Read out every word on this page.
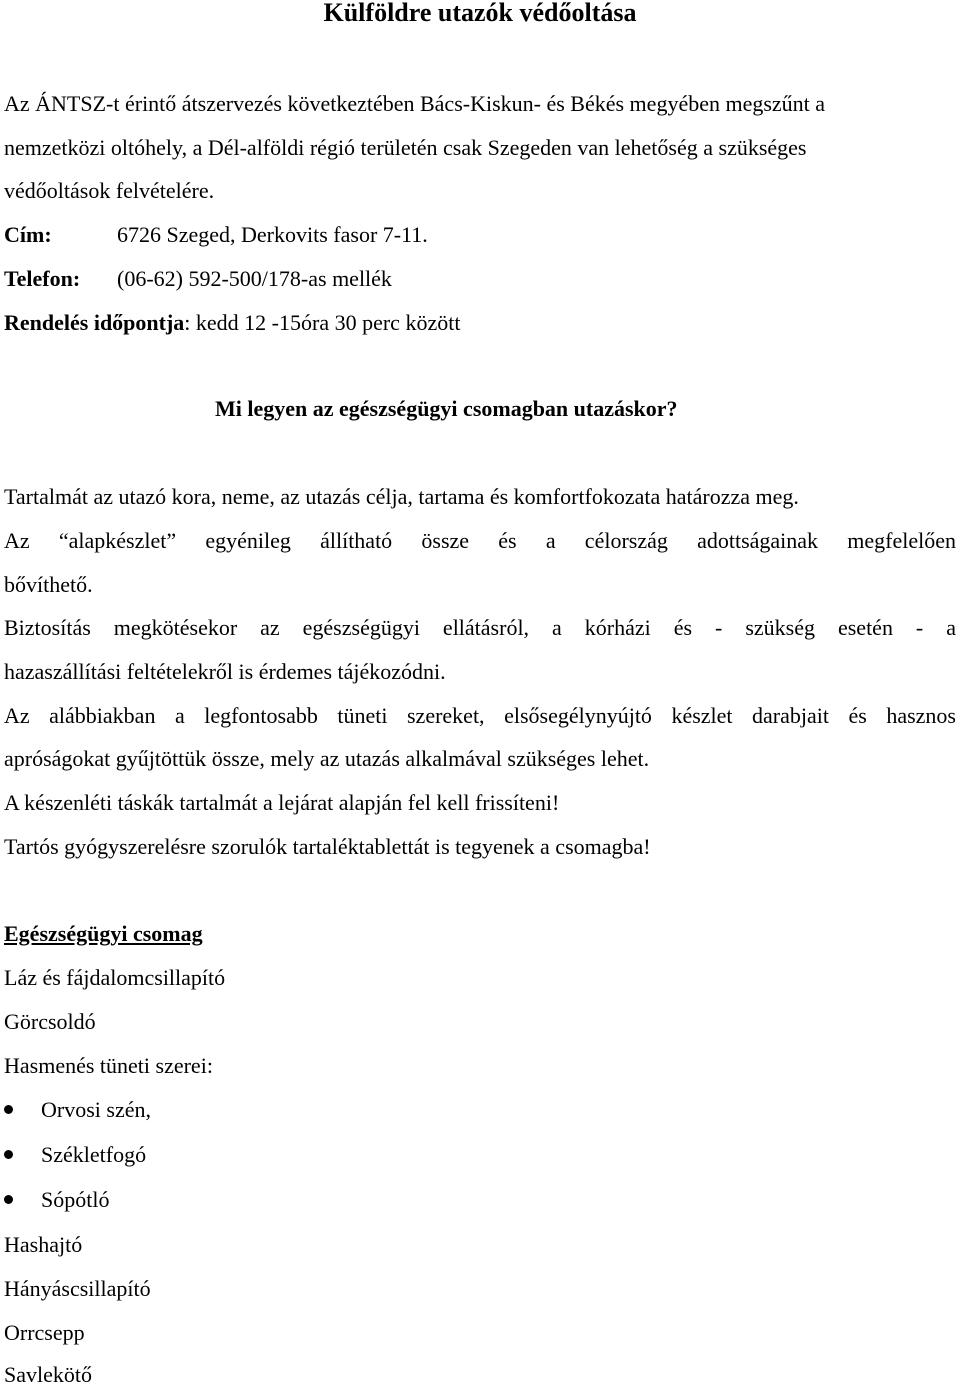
Külföldre utazók védőoltása
Az ÁNTSZ-t érintő átszervezés következtében Bács-Kiskun- és Békés megyében megszűnt a
nemzetközi oltóhely, a Dél-alföldi régió területén csak Szegeden van lehetőség a szükséges
védőoltások felvételére.
Cím:	6726 Szeged, Derkovits fasor 7-11.
Telefon: (06-62) 592-500/178-as mellék
Rendelés időpontja: kedd 12 -15óra 30 perc között
Mi legyen az egészségügyi csomagban utazáskor?
Tartalmát az utazó kora, neme, az utazás célja, tartama és komfortfokozata határozza meg.
Az “alapkészlet” egyénileg állítható össze és a célország adottságainak megfelelően
bővíthető.
Biztosítás megkötésekor az egészségügyi ellátásról, a kórházi és - szükség esetén - a
hazaszállítási feltételekről is érdemes tájékozódni.
Az alábbiakban a legfontosabb tüneti szereket, elsősegélynyújtó készlet darabjait és hasznos
apróságokat gyűjtöttük össze, mely az utazás alkalmával szükséges lehet.
A készenléti táskák tartalmát a lejárat alapján fel kell frissíteni!
Tartós gyógyszerelésre szorulók tartaléktablettát is tegyenek a csomagba!
Egészségügyi csomag
Láz és fájdalomcsillapító
Görcsoldó
Hasmenés tüneti szerei:
Orvosi szén,
Székletfogó
Sópótló
Hashajtó
Hányáscsillapító
Orrcsepp
Savlekötő
